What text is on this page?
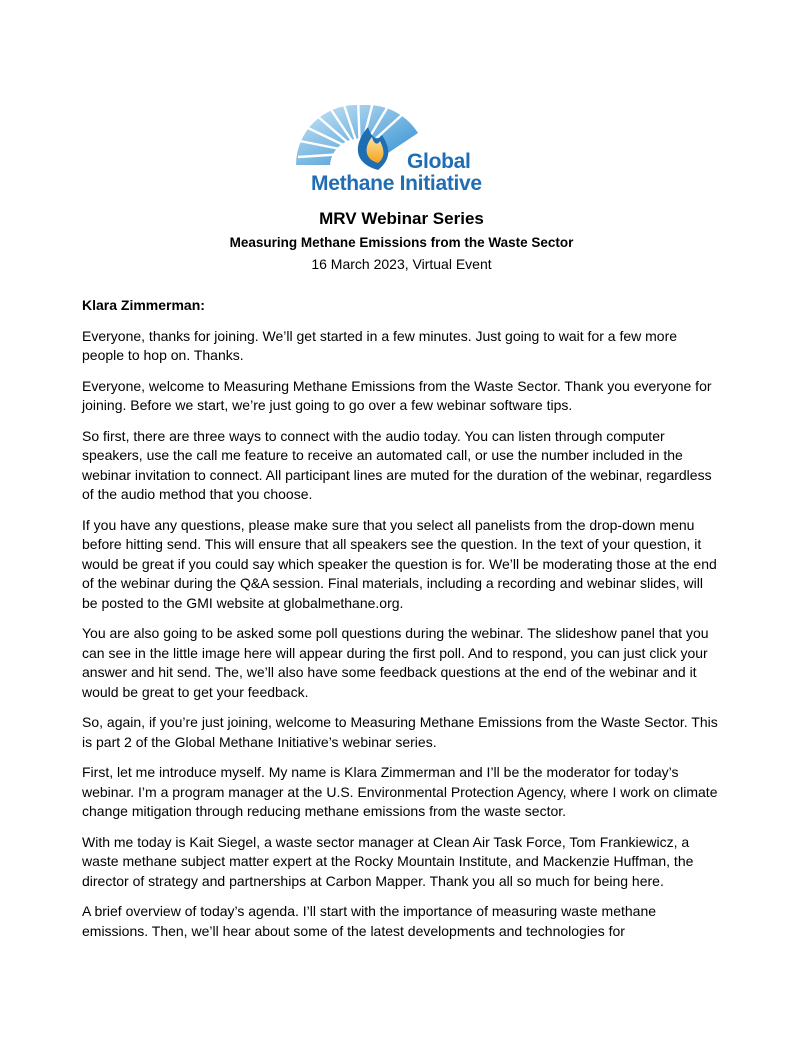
Global
Methane Initiative
MRV Webinar Series
Measuring Methane Emissions from the Waste Sector
16 March 2023, Virtual Event

Klara Zimmerman:

Everyone, thanks for joining. We’ll get started in a few minutes. Just going to wait for a few more people to hop on. Thanks.

Everyone, welcome to Measuring Methane Emissions from the Waste Sector. Thank you everyone for joining. Before we start, we’re just going to go over a few webinar software tips.

So first, there are three ways to connect with the audio today. You can listen through computer speakers, use the call me feature to receive an automated call, or use the number included in the webinar invitation to connect. All participant lines are muted for the duration of the webinar, regardless of the audio method that you choose.

If you have any questions, please make sure that you select all panelists from the drop-down menu before hitting send. This will ensure that all speakers see the question. In the text of your question, it would be great if you could say which speaker the question is for. We’ll be moderating those at the end of the webinar during the Q&A session. Final materials, including a recording and webinar slides, will be posted to the GMI website at globalmethane.org.

You are also going to be asked some poll questions during the webinar. The slideshow panel that you can see in the little image here will appear during the first poll. And to respond, you can just click your answer and hit send. The, we’ll also have some feedback questions at the end of the webinar and it would be great to get your feedback.

So, again, if you’re just joining, welcome to Measuring Methane Emissions from the Waste Sector. This is part 2 of the Global Methane Initiative’s webinar series.

First, let me introduce myself. My name is Klara Zimmerman and I’ll be the moderator for today’s webinar. I’m a program manager at the U.S. Environmental Protection Agency, where I work on climate change mitigation through reducing methane emissions from the waste sector.

With me today is Kait Siegel, a waste sector manager at Clean Air Task Force, Tom Frankiewicz, a waste methane subject matter expert at the Rocky Mountain Institute, and Mackenzie Huffman, the director of strategy and partnerships at Carbon Mapper. Thank you all so much for being here.

A brief overview of today’s agenda. I’ll start with the importance of measuring waste methane emissions. Then, we’ll hear about some of the latest developments and technologies for
